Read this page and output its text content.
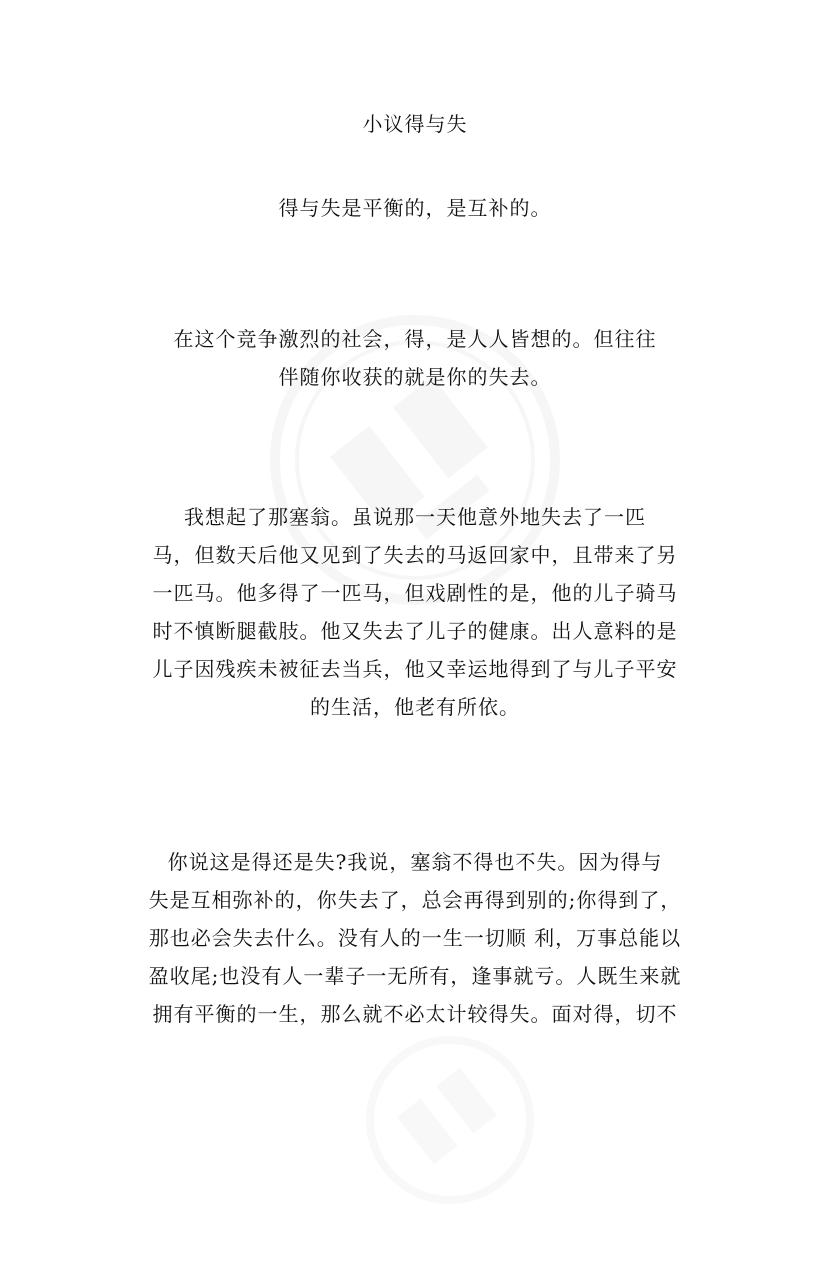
小议得与失
得与失是平衡的，是互补的。
在这个竞争激烈的社会，得，是人人皆想的。但往往
伴随你收获的就是你的失去。
我想起了那塞翁。虽说那一天他意外地失去了一匹
马，但数天后他又见到了失去的马返回家中，且带来了另
一匹马。他多得了一匹马，但戏剧性的是，他的儿子骑马
时不慎断腿截肢。他又失去了儿子的健康。出人意料的是
儿子因残疾未被征去当兵，他又幸运地得到了与儿子平安
的生活，他老有所依。
你说这是得还是失?我说，塞翁不得也不失。因为得与
失是互相弥补的，你失去了，总会再得到别的;你得到了，
那也必会失去什么。没有人的一生一切顺 利，万事总能以
盈收尾;也没有人一辈子一无所有，逢事就亏。人既生来就
拥有平衡的一生，那么就不必太计较得失。面对得，切不
